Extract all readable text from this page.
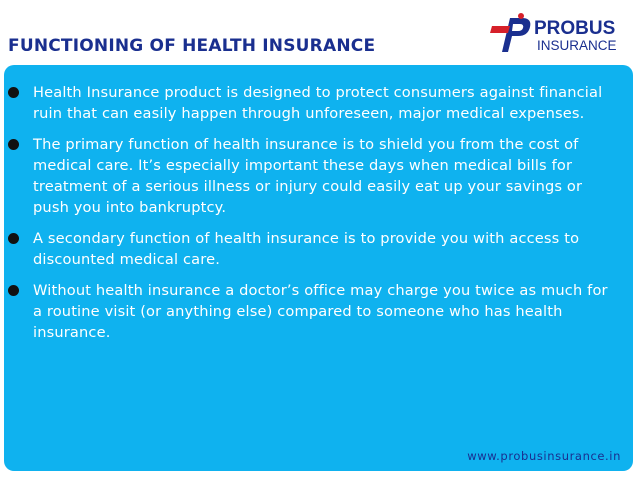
FUNCTIONING OF HEALTH INSURANCE
PROBUS
INSURANCE
Health Insurance product is designed to protect consumers against financial ruin that can easily happen through unforeseen, major medical expenses.
The primary function of health insurance is to shield you from the cost of medical care. It’s especially important these days when medical bills for treatment of a serious illness or injury could easily eat up your savings or push you into bankruptcy.
A secondary function of health insurance is to provide you with access to discounted medical care.
Without health insurance a doctor’s office may charge you twice as much for a routine visit (or anything else) compared to someone who has health insurance.
www.probusinsurance.in
